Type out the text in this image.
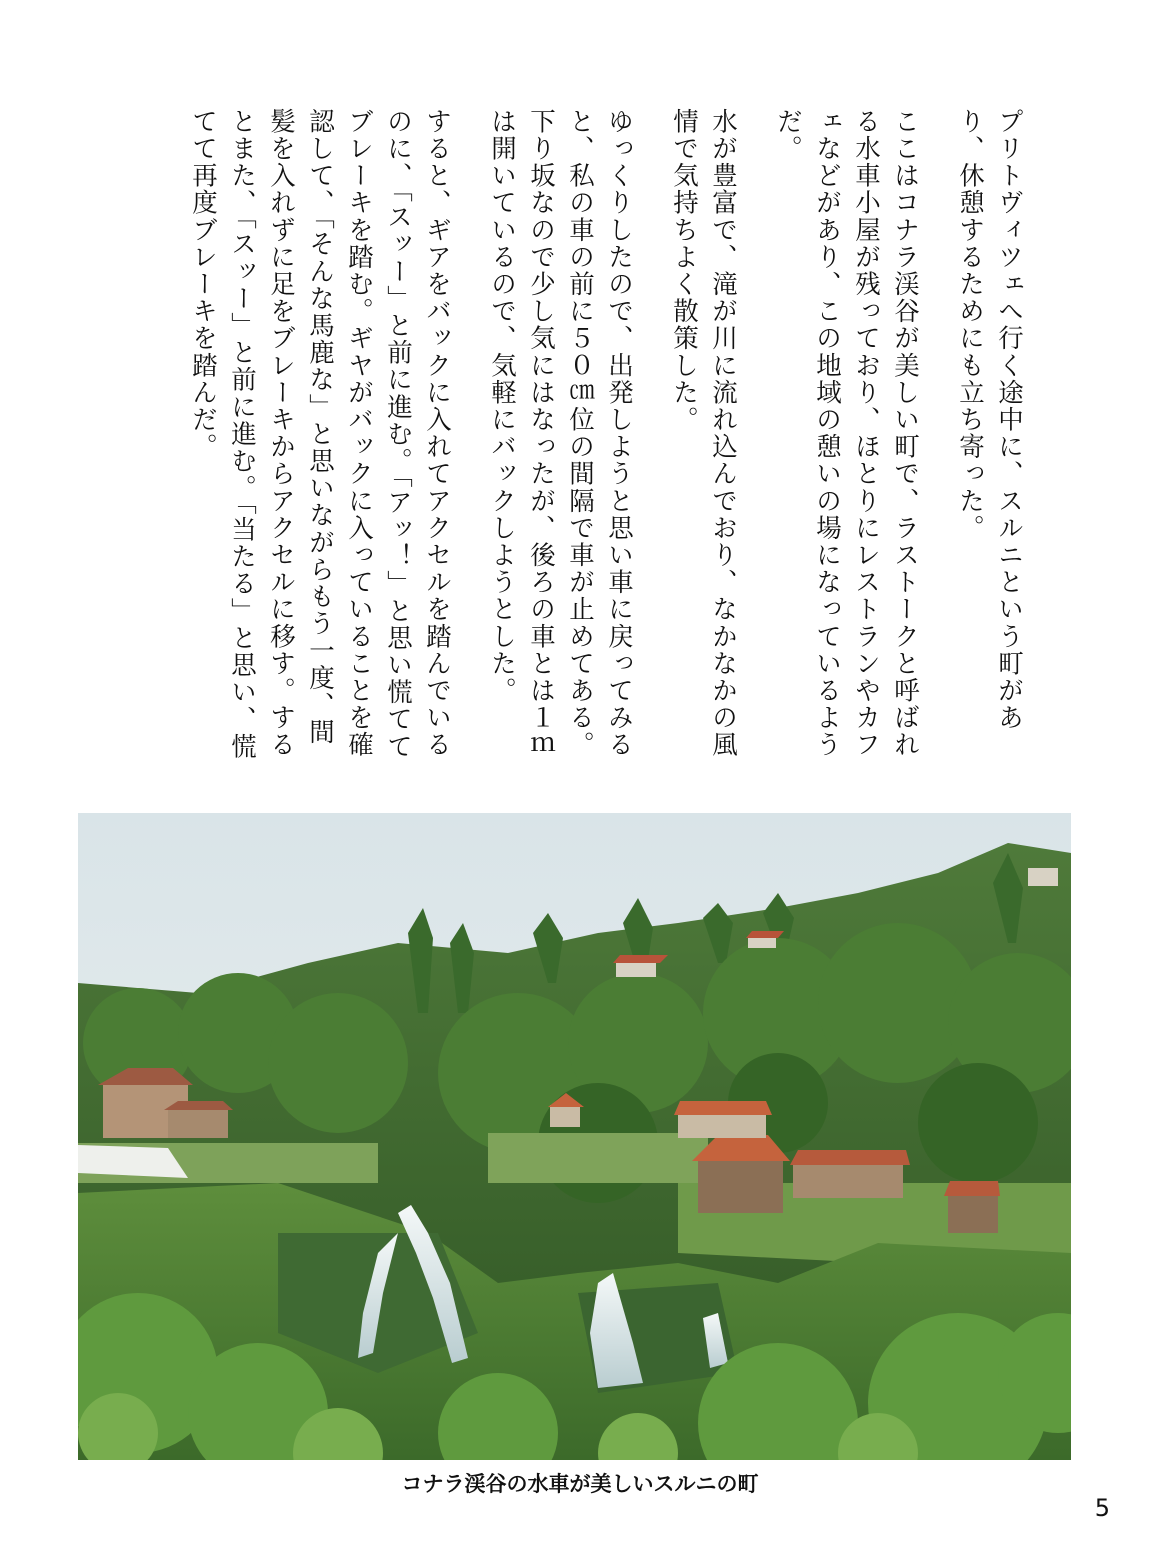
プリトヴィツェへ行く途中に、スルニという町があり、休憩するためにも立ち寄った。

ここはコナラ渓谷が美しい町で、ラストークと呼ばれる水車小屋が残っており、ほとりにレストランやカフェなどがあり、この地域の憩いの場になっているようだ。

水が豊富で、滝が川に流れ込んでおり、なかなかの風情で気持ちよく散策した。

ゆっくりしたので、出発しようと思い車に戻ってみると、私の車の前に５０㎝位の間隔で車が止めてある。下り坂なので少し気にはなったが、後ろの車とは１ｍは開いているので、気軽にバックしようとした。

すると、ギアをバックに入れてアクセルを踏んでいるのに、「スッー」と前に進む。「アッ！」と思い慌ててブレーキを踏む。ギヤがバックに入っていることを確認して、「そんな馬鹿な」と思いながらもう一度、間髪を入れずに足をブレーキからアクセルに移す。するとまた、「スッー」と前に進む。「当たる」と思い、慌てて再度ブレーキを踏んだ。

コナラ渓谷の水車が美しいスルニの町
5
